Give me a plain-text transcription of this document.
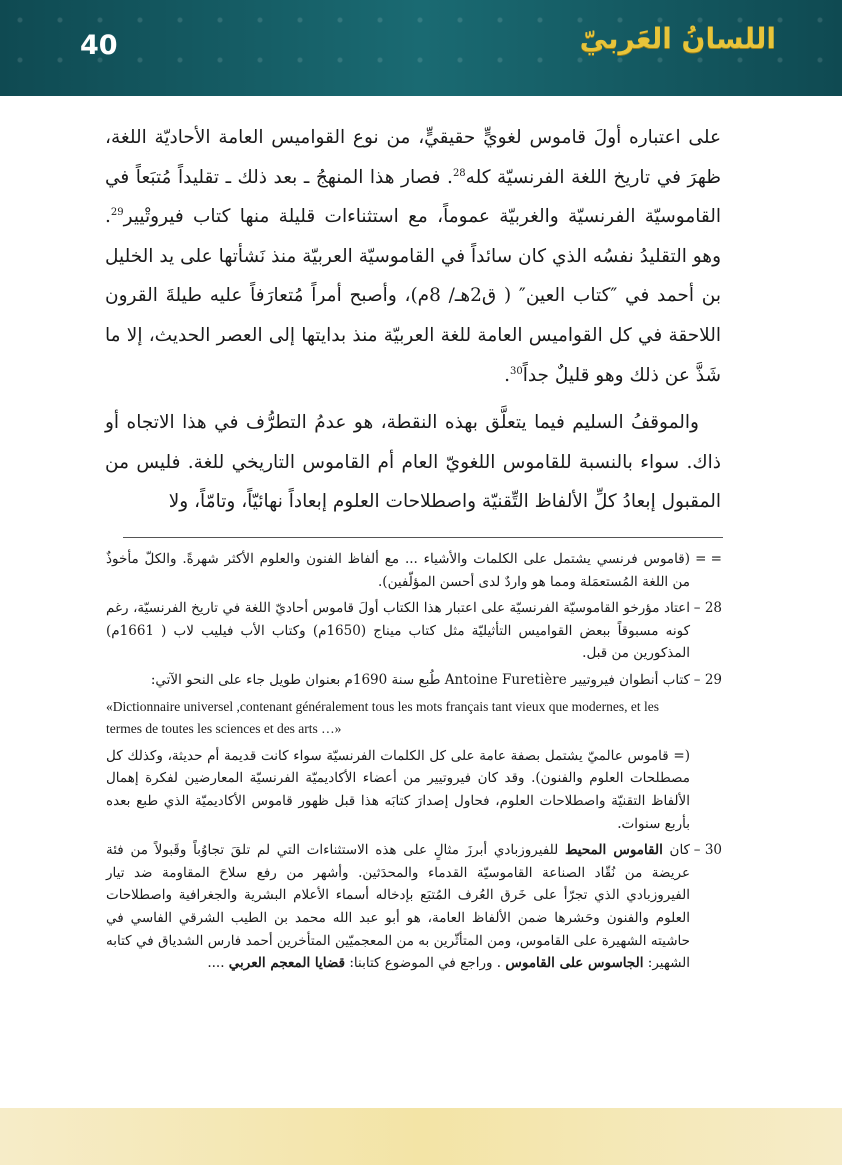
40	اللسانُ العَربيّ

على اعتباره أولَ قاموس لغويٍّ حقيقيٍّ، من نوع القواميس العامة الأحاديّة اللغة، ظهرَ في تاريخ اللغة الفرنسيّة كله$^{28}$. فصار هذا المنهجُ ـ بعد ذلك ـ تقليداً مُتبَعاً في القاموسيّة الفرنسيّة والغربيّة عموماً، مع استثناءات قليلة منها كتاب فيروتْيير$^{29}$. وهو التقليدُ نفسُه الذي كان سائداً في القاموسيّة العربيّة منذ نَشأتها على يد الخليل بن أحمد في ″كتاب العين″ ( ق2هـ/ 8م)، وأصبح أمراً مُتعارَفاً عليه طيلةَ القرون اللاحقة في كل القواميس العامة للغة العربيّة منذ بدايتها إلى العصر الحديث، إلا ما شَذَّ عن ذلك وهو قليلٌ جداً$^{30}$.

والموقفُ السليم فيما يتعلَّق بهذه النقطة، هو عدمُ التطرُّف في هذا الاتجاه أو ذاك. سواء بالنسبة للقاموس اللغويّ العام أم القاموس التاريخي للغة. فليس من المقبول إبعادُ كلِّ الألفاظ التِّقنيّة واصطلاحات العلوم إبعاداً نهائيّاً، وتامّاً، ولا

= =
(قاموس فرنسي يشتمل على الكلمات والأشياء ... مع ألفاظ الفنون والعلوم الأكثر شهرةً. والكلّ مأخوذٌ من اللغة المُستعمَلة ومما هو واردٌ لدى أحسن المؤلّفين).
28 –
اعتاد مؤرخو القاموسيّة الفرنسيّة على اعتبار هذا الكتاب أولَ قاموس أحاديّ اللغة في تاريخ الفرنسيّة، رغم كونه مسبوقاً ببعض القواميس التأثيليّة مثل كتاب ميناج (1650م) وكتاب الأب فيليب لاب ( 1661م) المذكورين من قبل.
29 –
كتاب أنطوان فيروتيير Antoine Furetière طُبع سنة 1690م بعنوان طويل جاء على النحو الآتي:
«Dictionnaire universel ,contenant généralement tous les mots français tant vieux que modernes, et les termes de toutes les sciences et des arts …»
(= قاموس عالميّ يشتمل بصفة عامة على كل الكلمات الفرنسيّة سواء كانت قديمة أم حديثة، وكذلك كل مصطلحات العلوم والفنون). وقد كان فيروتيير من أعضاء الأكاديميّة الفرنسيّة المعارضين لفكرة إهمال الألفاظ التقنيّة واصطلاحات العلوم، فحاول إصدارَ كتابَه هذا قبل ظهور قاموس الأكاديميّة الذي طبع بعده بأربع سنوات.
30 –
كان القاموس المحيط للفيروزبادي أبرزَ مثالٍ على هذه الاستثناءات التي لم تلقَ تجاوُباً وقَبولاً من فئة عريضة من نُقّاد الصناعة القاموسيّة القدماء والمحدَثين. وأشهر من رفع سلاحَ المقاومة ضد تيار الفيروزبادي الذي تجرّأ على خَرق العُرف المُتبَع بإدخاله أسماء الأعلام البشرية والجغرافية واصطلاحات العلوم والفنون وحَشرها ضمن الألفاظ العامة، هو أبو عبد الله محمد بن الطيب الشرقي الفاسي في حاشيته الشهيرة على القاموس، ومن المتأثّرين به من المعجميّين المتأخرين أحمد فارس الشدياق في كتابه الشهير: الجاسوس على القاموس . وراجع في الموضوع كتابنا: قضايا المعجم العربي ....
